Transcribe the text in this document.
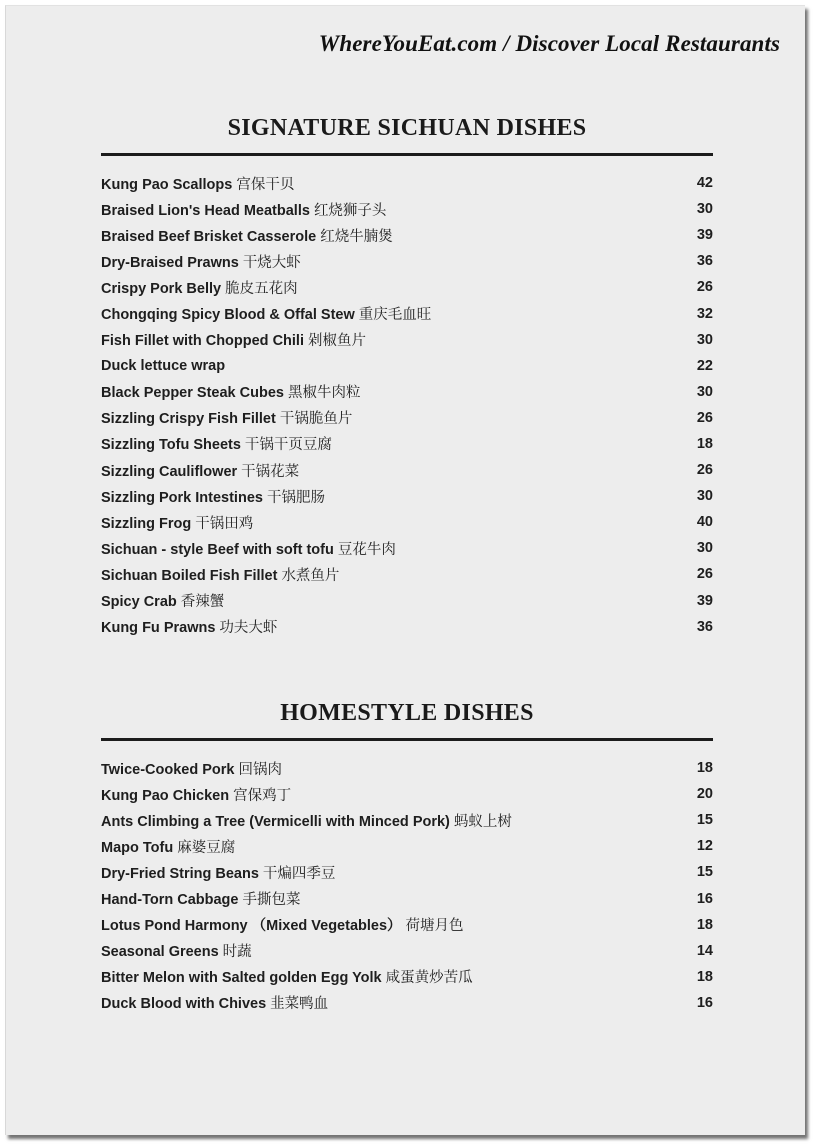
WhereYouEat.com / Discover Local Restaurants
SIGNATURE SICHUAN DISHES
Kung Pao Scallops 宫保干贝	42
Braised Lion's Head Meatballs 红烧狮子头	30
Braised Beef Brisket Casserole 红烧牛腩煲	39
Dry-Braised Prawns 干烧大虾	36
Crispy Pork Belly 脆皮五花肉	26
Chongqing Spicy Blood & Offal Stew 重庆毛血旺	32
Fish Fillet with Chopped Chili 剁椒鱼片	30
Duck lettuce wrap	22
Black Pepper Steak Cubes 黑椒牛肉粒	30
Sizzling Crispy Fish Fillet 干锅脆鱼片	26
Sizzling Tofu Sheets 干锅干页豆腐	18
Sizzling Cauliflower 干锅花菜	26
Sizzling Pork Intestines 干锅肥肠	30
Sizzling Frog 干锅田鸡	40
Sichuan - style Beef with soft tofu 豆花牛肉	30
Sichuan Boiled Fish Fillet 水煮鱼片	26
Spicy Crab 香辣蟹	39
Kung Fu Prawns 功夫大虾	36
HOMESTYLE DISHES
Twice-Cooked Pork 回锅肉	18
Kung Pao Chicken 宫保鸡丁	20
Ants Climbing a Tree (Vermicelli with Minced Pork) 蚂蚁上树	15
Mapo Tofu 麻婆豆腐	12
Dry-Fried String Beans 干煸四季豆	15
Hand-Torn Cabbage 手撕包菜	16
Lotus Pond Harmony （Mixed Vegetables） 荷塘月色	18
Seasonal Greens 时蔬	14
Bitter Melon with Salted golden Egg Yolk 咸蛋黄炒苦瓜	18
Duck Blood with Chives 韭菜鸭血	16
